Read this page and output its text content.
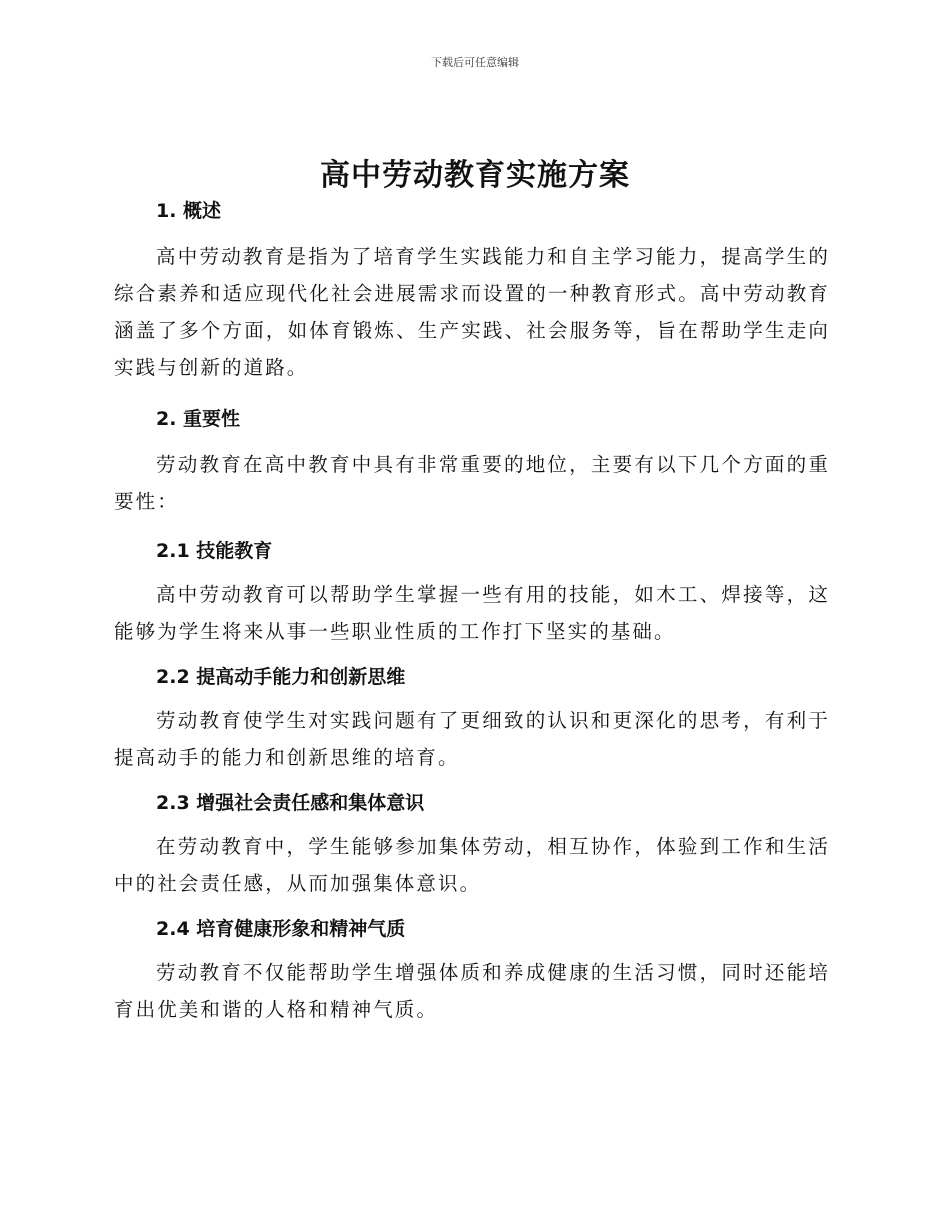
下载后可任意编辑
高中劳动教育实施方案
1. 概述

高中劳动教育是指为了培育学生实践能力和自主学习能力，提高学生的综合素养和适应现代化社会进展需求而设置的一种教育形式。高中劳动教育涵盖了多个方面，如体育锻炼、生产实践、社会服务等，旨在帮助学生走向实践与创新的道路。

2. 重要性

劳动教育在高中教育中具有非常重要的地位，主要有以下几个方面的重要性：

2.1 技能教育

高中劳动教育可以帮助学生掌握一些有用的技能，如木工、焊接等，这能够为学生将来从事一些职业性质的工作打下坚实的基础。

2.2 提高动手能力和创新思维

劳动教育使学生对实践问题有了更细致的认识和更深化的思考，有利于提高动手的能力和创新思维的培育。

2.3 增强社会责任感和集体意识

在劳动教育中，学生能够参加集体劳动，相互协作，体验到工作和生活中的社会责任感，从而加强集体意识。

2.4 培育健康形象和精神气质

劳动教育不仅能帮助学生增强体质和养成健康的生活习惯，同时还能培育出优美和谐的人格和精神气质。
